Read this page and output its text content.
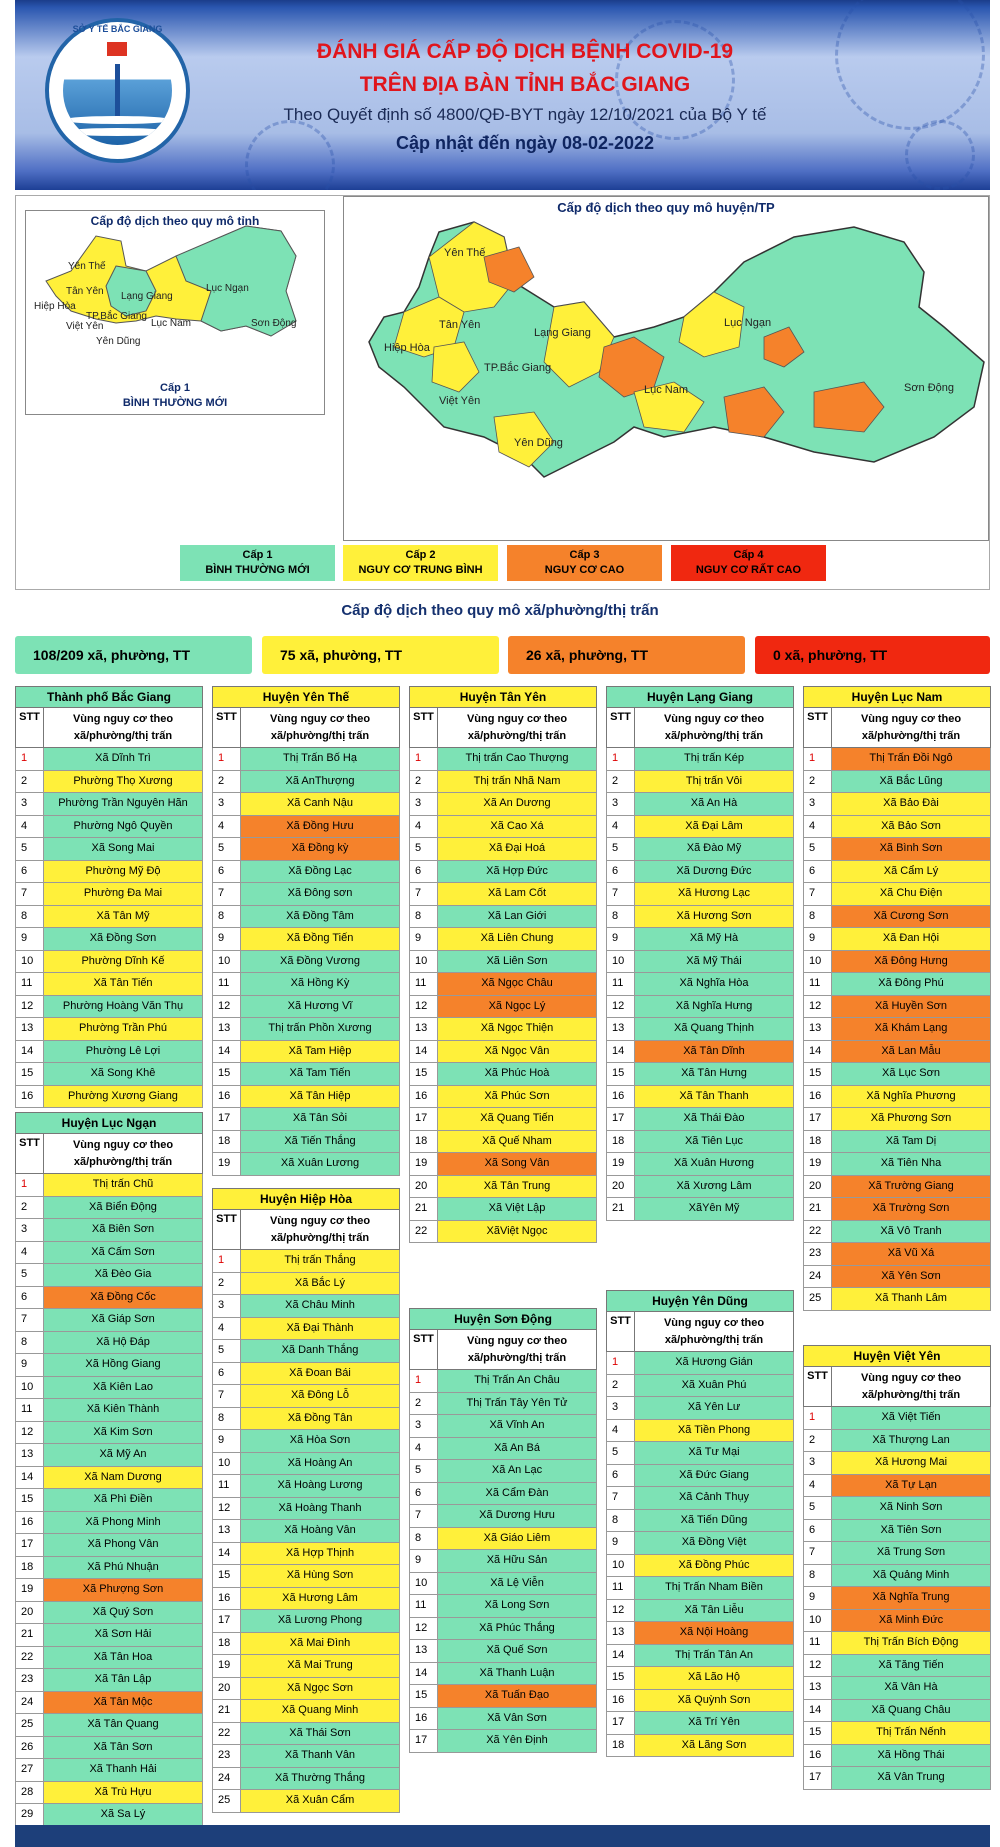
SỞ Y TẾ BẮC GIANG
ĐÁNH GIÁ CẤP ĐỘ DỊCH BỆNH COVID-19
TRÊN ĐỊA BÀN TỈNH BẮC GIANG
Theo Quyết định số 4800/QĐ-BYT ngày 12/10/2021 của Bộ Y tế
Cập nhật đến ngày 08-02-2022
Cấp độ dịch theo quy mô tỉnh
Yên Thế
Tân Yên
Hiệp Hòa
Việt Yên
TP.Bắc Giang
Lạng Giang
Yên Dũng
Lục Nam
Lục Ngạn
Sơn Động
Cấp 1
BÌNH THƯỜNG MỚI
Cấp độ dịch theo quy mô huyện/TP
Yên Thế
Tân Yên
Hiệp Hòa
Lạng Giang
TP.Bắc Giang
Việt Yên
Yên Dũng
Lục Nam
Lục Ngạn
Sơn Động
Cấp 1
BÌNH THƯỜNG MỚI
Cấp 2
NGUY CƠ TRUNG BÌNH
Cấp 3
NGUY CƠ CAO
Cấp 4
NGUY CƠ RẤT CAO
Cấp độ dịch theo quy mô xã/phường/thị trấn
108/209 xã, phường, TT	75 xã, phường, TT	26 xã, phường, TT	0 xã, phường, TT
Thành phố Bắc Giang
STT	Vùng nguy cơ theo
xã/phường/thị trấn
1	Xã Dĩnh Trì
2	Phường Thọ Xương
3	Phường Trần Nguyên Hãn
4	Phường Ngô Quyền
5	Xã Song Mai
6	Phường Mỹ Độ
7	Phường Đa Mai
8	Xã Tân Mỹ
9	Xã Đồng Sơn
10	Phường Dĩnh Kế
11	Xã Tân Tiến
12	Phường Hoàng Văn Thụ
13	Phường Trần Phú
14	Phường Lê Lợi
15	Xã Song Khê
16	Phường Xương Giang
Huyện Lục Ngạn
STT	Vùng nguy cơ theo
xã/phường/thị trấn
1	Thị trấn Chũ
2	Xã Biển Động
3	Xã Biên Sơn
4	Xã Cấm Sơn
5	Xã Đèo Gia
6	Xã Đồng Cốc
7	Xã Giáp Sơn
8	Xã Hộ Đáp
9	Xã Hồng Giang
10	Xã Kiên Lao
11	Xã Kiên Thành
12	Xã Kim Sơn
13	Xã Mỹ An
14	Xã Nam Dương
15	Xã Phì Điền
16	Xã Phong Minh
17	Xã Phong Vân
18	Xã Phú Nhuận
19	Xã Phượng Sơn
20	Xã Quý Sơn
21	Xã Sơn Hải
22	Xã Tân Hoa
23	Xã Tân Lập
24	Xã Tân Mộc
25	Xã Tân Quang
26	Xã Tân Sơn
27	Xã Thanh Hải
28	Xã Trù Hựu
29	Xã Sa Lý
Huyện Yên Thế
STT	Vùng nguy cơ theo
xã/phường/thị trấn
1	Thị Trấn Bố Hạ
2	Xã AnThượng
3	Xã Canh Nậu
4	Xã Đồng Hưu
5	Xã Đồng kỳ
6	Xã Đồng Lạc
7	Xã Đông sơn
8	Xã Đồng Tâm
9	Xã Đồng Tiến
10	Xã Đồng Vương
11	Xã Hồng Kỳ
12	Xã Hương Vĩ
13	Thị trấn Phồn Xương
14	Xã Tam Hiệp
15	Xã Tam Tiến
16	Xã Tân Hiệp
17	Xã Tân Sỏi
18	Xã Tiến Thắng
19	Xã Xuân Lương
Huyện Hiệp Hòa
STT	Vùng nguy cơ theo
xã/phường/thị trấn
1	Thị trấn Thắng
2	Xã Bắc Lý
3	Xã Châu Minh
4	Xã Đại Thành
5	Xã Danh Thắng
6	Xã Đoan Bái
7	Xã Đông Lỗ
8	Xã Đồng Tân
9	Xã Hòa Sơn
10	Xã Hoàng An
11	Xã Hoàng Lương
12	Xã Hoàng Thanh
13	Xã Hoàng Vân
14	Xã Hợp Thịnh
15	Xã Hùng Sơn
16	Xã Hương Lâm
17	Xã Lương Phong
18	Xã Mai Đình
19	Xã Mai Trung
20	Xã Ngọc Sơn
21	Xã Quang Minh
22	Xã Thái Sơn
23	Xã Thanh Vân
24	Xã Thường Thắng
25	Xã Xuân Cẩm
Huyện Tân Yên
STT	Vùng nguy cơ theo
xã/phường/thị trấn
1	Thị trấn Cao Thượng
2	Thị trấn Nhã Nam
3	Xã An Dương
4	Xã Cao Xá
5	Xã Đại Hoá
6	Xã Hợp Đức
7	Xã Lam Cốt
8	Xã Lan Giới
9	Xã Liên Chung
10	Xã Liên Sơn
11	Xã Ngọc Châu
12	Xã Ngọc Lý
13	Xã Ngọc Thiện
14	Xã Ngọc Vân
15	Xã Phúc Hoà
16	Xã Phúc Sơn
17	Xã Quang Tiến
18	Xã Quế Nham
19	Xã Song Vân
20	Xã Tân Trung
21	Xã Việt Lập
22	XãViệt Ngọc
Huyện Sơn Động
STT	Vùng nguy cơ theo
xã/phường/thị trấn
1	Thị Trấn An Châu
2	Thị Trấn Tây Yên Tử
3	Xã Vĩnh An
4	Xã An Bá
5	Xã An Lạc
6	Xã Cẩm Đàn
7	Xã Dương Hưu
8	Xã Giáo Liêm
9	Xã Hữu Sản
10	Xã Lệ Viễn
11	Xã Long Sơn
12	Xã Phúc Thắng
13	Xã Quế Sơn
14	Xã Thanh Luận
15	Xã Tuấn Đạo
16	Xã Vân Sơn
17	Xã Yên Định
Huyện Lạng Giang
STT	Vùng nguy cơ theo
xã/phường/thị trấn
1	Thị trấn Kép
2	Thị trấn Vôi
3	Xã An Hà
4	Xã Đại Lâm
5	Xã Đào Mỹ
6	Xã Dương Đức
7	Xã Hương Lạc
8	Xã Hương Sơn
9	Xã Mỹ Hà
10	Xã Mỹ Thái
11	Xã Nghĩa Hòa
12	Xã Nghĩa Hưng
13	Xã Quang Thịnh
14	Xã Tân Dĩnh
15	Xã Tân Hưng
16	Xã Tân Thanh
17	Xã Thái Đào
18	Xã Tiên Lục
19	Xã Xuân Hương
20	Xã Xương Lâm
21	XãYên Mỹ
Huyện Yên Dũng
STT	Vùng nguy cơ theo
xã/phường/thị trấn
1	Xã Hương Gián
2	Xã Xuân Phú
3	Xã Yên Lư
4	Xã Tiền Phong
5	Xã Tư Mại
6	Xã Đức Giang
7	Xã Cảnh Thụy
8	Xã Tiến Dũng
9	Xã Đồng Việt
10	Xã Đồng Phúc
11	Thị Trấn Nham Biền
12	Xã Tân Liễu
13	Xã Nội Hoàng
14	Thị Trấn Tân An
15	Xã Lão Hộ
16	Xã Quỳnh Sơn
17	Xã Trí Yên
18	Xã Lãng Sơn
Huyện Lục Nam
STT	Vùng nguy cơ theo
xã/phường/thị trấn
1	Thị Trấn Đồi Ngô
2	Xã Bắc Lũng
3	Xã Bảo Đài
4	Xã Bảo Sơn
5	Xã Bình Sơn
6	Xã Cẩm Lý
7	Xã Chu Điện
8	Xã Cương Sơn
9	Xã Đan Hội
10	Xã Đông Hưng
11	Xã Đông Phú
12	Xã Huyền Sơn
13	Xã Khám Lạng
14	Xã Lan Mẫu
15	Xã Lục Sơn
16	Xã Nghĩa Phương
17	Xã Phương Sơn
18	Xã Tam Dị
19	Xã Tiên Nha
20	Xã Trường Giang
21	Xã Trường Sơn
22	Xã Vô Tranh
23	Xã Vũ Xá
24	Xã Yên Sơn
25	Xã Thanh Lâm
Huyện Việt Yên
STT	Vùng nguy cơ theo
xã/phường/thị trấn
1	Xã Việt Tiến
2	Xã Thượng Lan
3	Xã Hương Mai
4	Xã Tự Lạn
5	Xã Ninh Sơn
6	Xã Tiên Sơn
7	Xã Trung Sơn
8	Xã Quảng Minh
9	Xã Nghĩa Trung
10	Xã Minh Đức
11	Thị Trấn Bích Động
12	Xã Tăng Tiến
13	Xã Vân Hà
14	Xã Quang Châu
15	Thị Trấn Nếnh
16	Xã Hồng Thái
17	Xã Vân Trung
